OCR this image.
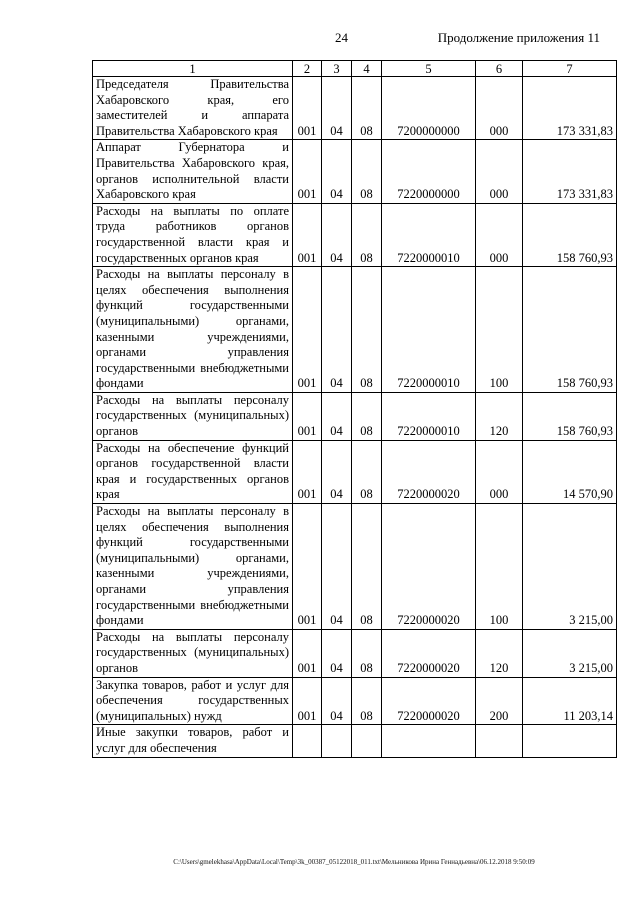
24	Продолжение приложения 11
1	2	3	4	5	6	7
Председателя Правительства Хабаровского края, его заместителей и аппарата Правительства Хабаровского края	001	04	08	7200000000	000	173 331,83
Аппарат Губернатора и Правительства Хабаровского края, органов исполнительной власти Хабаровского края	001	04	08	7220000000	000	173 331,83
Расходы на выплаты по оплате труда работников органов государственной власти края и государственных органов края	001	04	08	7220000010	000	158 760,93
Расходы на выплаты персоналу в целях обеспечения выполнения функций государственными (муниципальными) органами, казенными учреждениями, органами управления государственными внебюджетными фондами	001	04	08	7220000010	100	158 760,93
Расходы на выплаты персоналу государственных (муниципальных) органов	001	04	08	7220000010	120	158 760,93
Расходы на обеспечение функций органов государственной власти края и государственных органов края	001	04	08	7220000020	000	14 570,90
Расходы на выплаты персоналу в целях обеспечения выполнения функций государственными (муниципальными) органами, казенными учреждениями, органами управления государственными внебюджетными фондами	001	04	08	7220000020	100	3 215,00
Расходы на выплаты персоналу государственных (муниципальных) органов	001	04	08	7220000020	120	3 215,00
Закупка товаров, работ и услуг для обеспечения государственных (муниципальных) нужд	001	04	08	7220000020	200	11 203,14
Иные закупки товаров, работ и услуг для обеспечения						
C:\Users\gmelekhasa\AppData\Local\Temp\3k_00387_05122018_011.txt\Мельникова Ирина Геннадьевна\06.12.2018 9:50:09
